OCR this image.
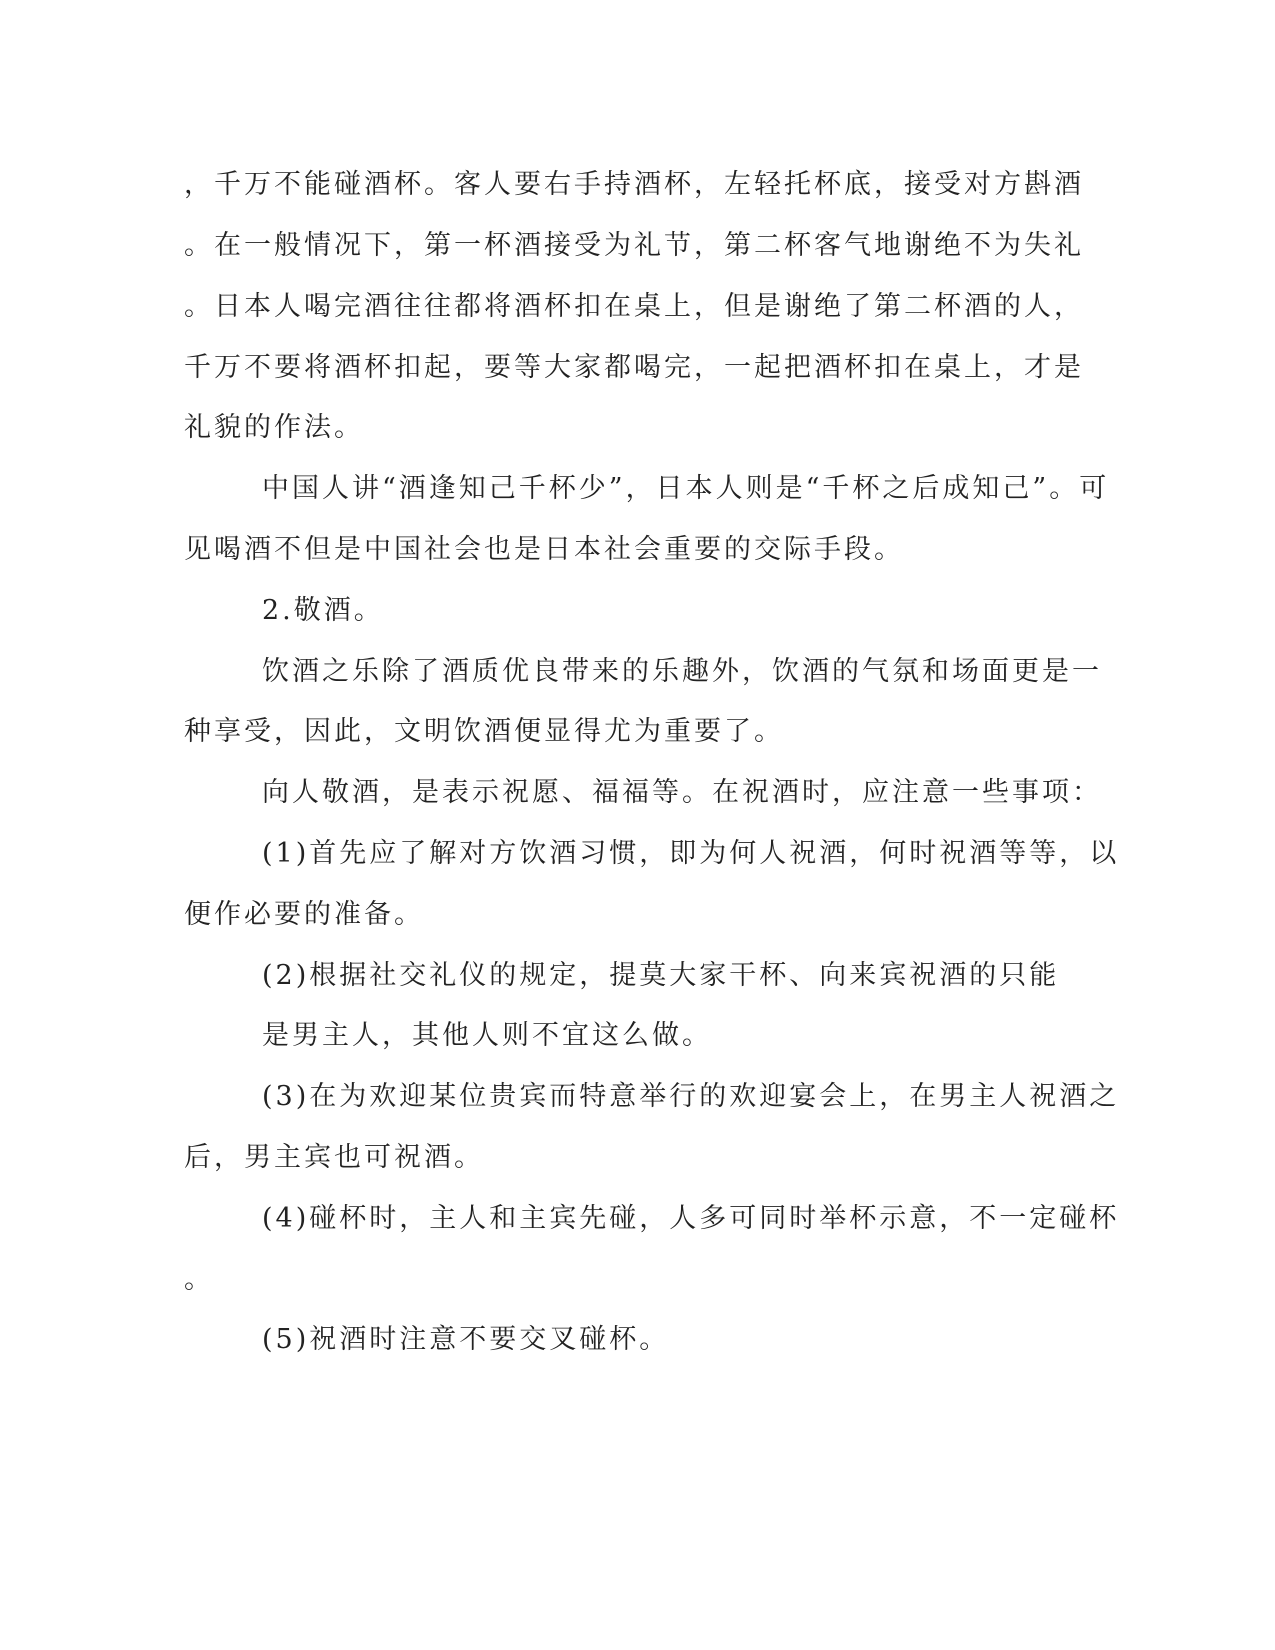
，千万不能碰酒杯。客人要右手持酒杯，左轻托杯底，接受对方斟酒
。在一般情况下，第一杯酒接受为礼节，第二杯客气地谢绝不为失礼
。日本人喝完酒往往都将酒杯扣在桌上，但是谢绝了第二杯酒的人，
千万不要将酒杯扣起，要等大家都喝完，一起把酒杯扣在桌上，才是
礼貌的作法。
中国人讲“酒逢知己千杯少”，日本人则是“千杯之后成知己”。可
见喝酒不但是中国社会也是日本社会重要的交际手段。
2.敬酒。
饮酒之乐除了酒质优良带来的乐趣外，饮酒的气氛和场面更是一
种享受，因此，文明饮酒便显得尤为重要了。
向人敬酒，是表示祝愿、福福等。在祝酒时，应注意一些事项：
(1)首先应了解对方饮酒习惯，即为何人祝酒，何时祝酒等等，以
便作必要的准备。
(2)根据社交礼仪的规定，提莫大家干杯、向来宾祝酒的只能
是男主人，其他人则不宜这么做。
(3)在为欢迎某位贵宾而特意举行的欢迎宴会上，在男主人祝酒之
后，男主宾也可祝酒。
(4)碰杯时，主人和主宾先碰，人多可同时举杯示意，不一定碰杯
。
(5)祝酒时注意不要交叉碰杯。
